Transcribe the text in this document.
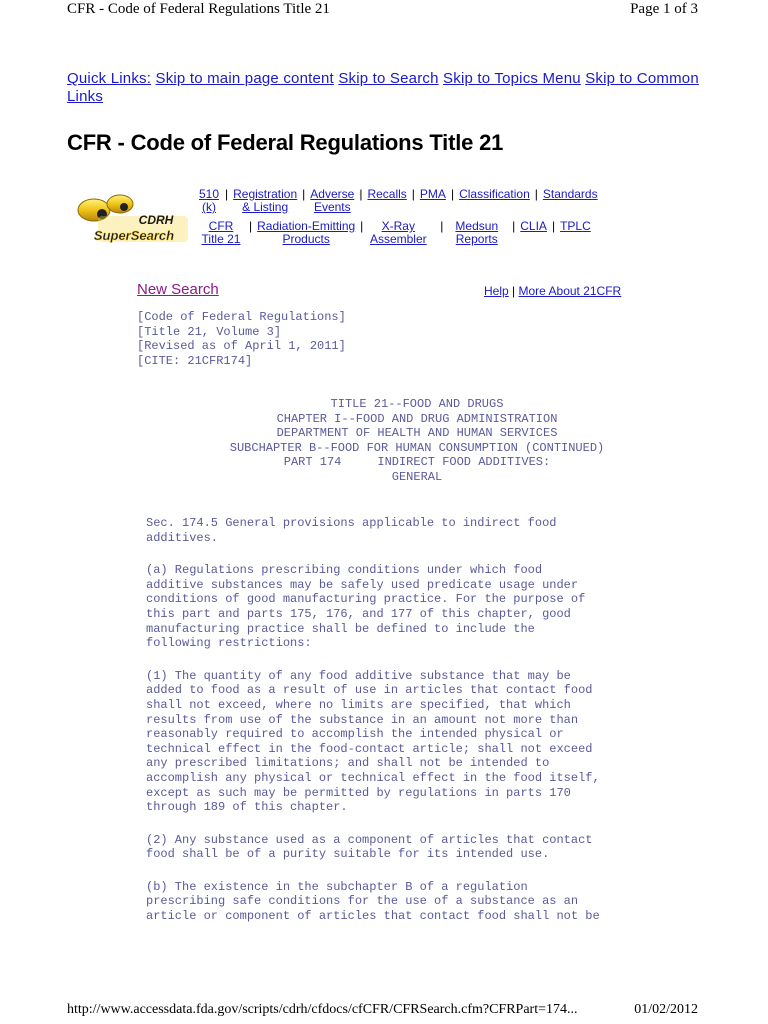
CFR - Code of Federal Regulations Title 21	Page 1 of 3
Quick Links: Skip to main page content Skip to Search Skip to Topics Menu Skip to Common Links
CFR - Code of Federal Regulations Title 21
CDRH
SuperSearch
510
(k)
| Registration
& Listing
| Adverse
Events
| Recalls | PMA | Classification | Standards
CFR
Title 21
| Radiation-Emitting
Products
|	X-Ray
Assembler
|	Medsun
Reports
| CLIA | TPLC
New Search	Help | More About 21CFR
[Code of Federal Regulations]
[Title 21, Volume 3]
[Revised as of April 1, 2011]
[CITE: 21CFR174]
TITLE 21--FOOD AND DRUGS
CHAPTER I--FOOD AND DRUG ADMINISTRATION
DEPARTMENT OF HEALTH AND HUMAN SERVICES
SUBCHAPTER B--FOOD FOR HUMAN CONSUMPTION (CONTINUED)
PART 174     INDIRECT FOOD ADDITIVES:
GENERAL
Sec. 174.5 General provisions applicable to indirect food
additives.
(a) Regulations prescribing conditions under which food
additive substances may be safely used predicate usage under
conditions of good manufacturing practice. For the purpose of
this part and parts 175, 176, and 177 of this chapter, good
manufacturing practice shall be defined to include the
following restrictions:
(1) The quantity of any food additive substance that may be
added to food as a result of use in articles that contact food
shall not exceed, where no limits are specified, that which
results from use of the substance in an amount not more than
reasonably required to accomplish the intended physical or
technical effect in the food-contact article; shall not exceed
any prescribed limitations; and shall not be intended to
accomplish any physical or technical effect in the food itself,
except as such may be permitted by regulations in parts 170
through 189 of this chapter.
(2) Any substance used as a component of articles that contact
food shall be of a purity suitable for its intended use.
(b) The existence in the subchapter B of a regulation
prescribing safe conditions for the use of a substance as an
article or component of articles that contact food shall not be
http://www.accessdata.fda.gov/scripts/cdrh/cfdocs/cfCFR/CFRSearch.cfm?CFRPart=174...	01/02/2012
